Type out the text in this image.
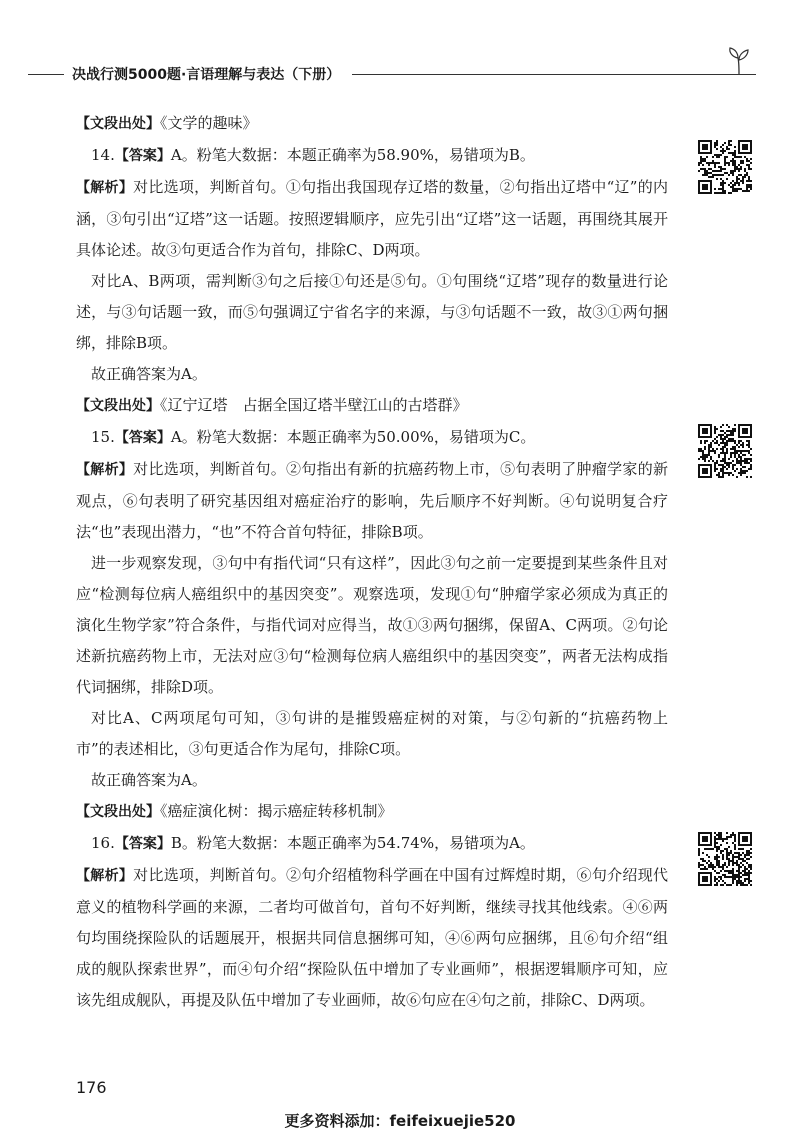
决战行测5000题·言语理解与表达（下册）

【文段出处】《文学的趣味》

14.【答案】A。粉笔大数据：本题正确率为58.90%，易错项为B。

【解析】对比选项，判断首句。①句指出我国现存辽塔的数量，②句指出辽塔中“辽”的内涵，③句引出“辽塔”这一话题。按照逻辑顺序，应先引出“辽塔”这一话题，再围绕其展开具体论述。故③句更适合作为首句，排除C、D两项。

对比A、B两项，需判断③句之后接①句还是⑤句。①句围绕“辽塔”现存的数量进行论述，与③句话题一致，而⑤句强调辽宁省名字的来源，与③句话题不一致，故③①两句捆绑，排除B项。

故正确答案为A。

【文段出处】《辽宁辽塔　占据全国辽塔半壁江山的古塔群》

15.【答案】A。粉笔大数据：本题正确率为50.00%，易错项为C。

【解析】对比选项，判断首句。②句指出有新的抗癌药物上市，⑤句表明了肿瘤学家的新观点，⑥句表明了研究基因组对癌症治疗的影响，先后顺序不好判断。④句说明复合疗法“也”表现出潜力，“也”不符合首句特征，排除B项。

进一步观察发现，③句中有指代词“只有这样”，因此③句之前一定要提到某些条件且对应“检测每位病人癌组织中的基因突变”。观察选项，发现①句“肿瘤学家必须成为真正的演化生物学家”符合条件，与指代词对应得当，故①③两句捆绑，保留A、C两项。②句论述新抗癌药物上市，无法对应③句“检测每位病人癌组织中的基因突变”，两者无法构成指代词捆绑，排除D项。

对比A、C两项尾句可知，③句讲的是摧毁癌症树的对策，与②句新的“抗癌药物上市”的表述相比，③句更适合作为尾句，排除C项。

故正确答案为A。

【文段出处】《癌症演化树：揭示癌症转移机制》

16.【答案】B。粉笔大数据：本题正确率为54.74%，易错项为A。

【解析】对比选项，判断首句。②句介绍植物科学画在中国有过辉煌时期，⑥句介绍现代意义的植物科学画的来源，二者均可做首句，首句不好判断，继续寻找其他线索。④⑥两句均围绕探险队的话题展开，根据共同信息捆绑可知，④⑥两句应捆绑，且⑥句介绍“组成的舰队探索世界”，而④句介绍“探险队伍中增加了专业画师”，根据逻辑顺序可知，应该先组成舰队，再提及队伍中增加了专业画师，故⑥句应在④句之前，排除C、D两项。

176
更多资料添加：feifeixuejie520
